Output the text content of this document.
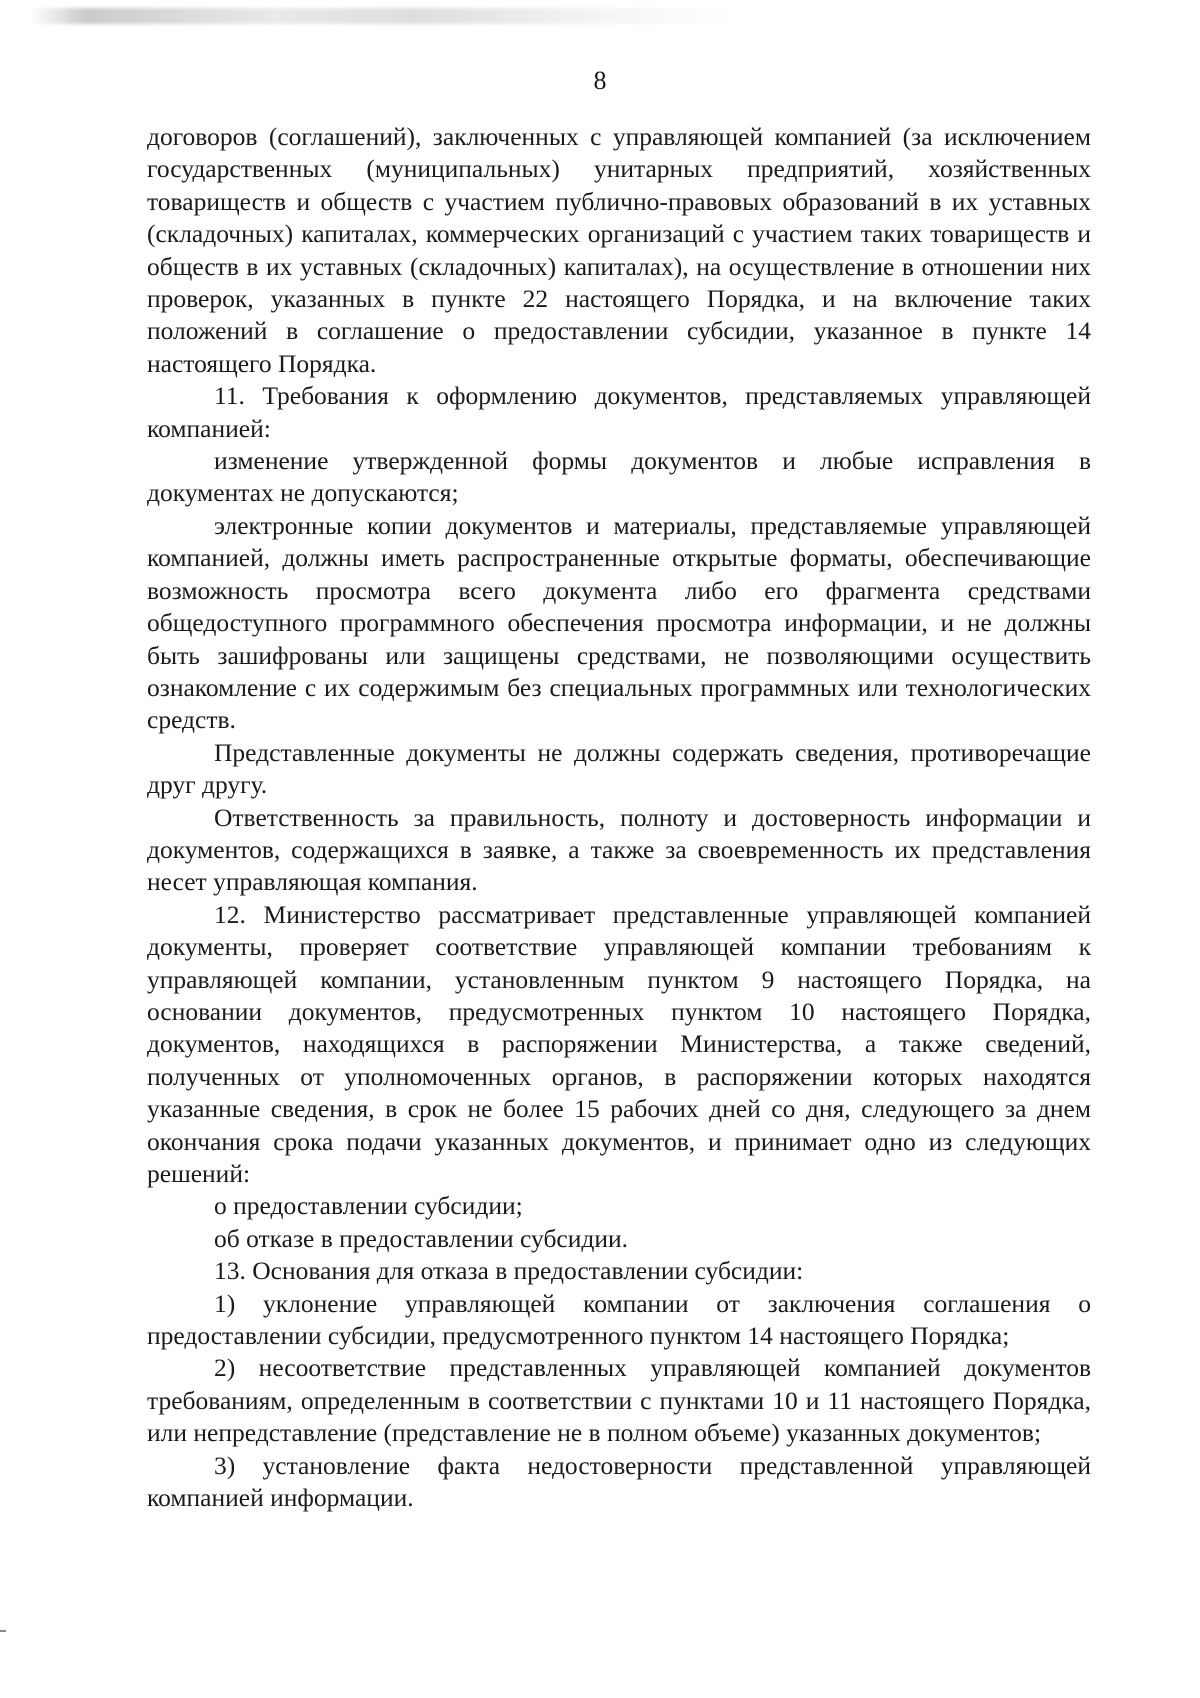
8

договоров (соглашений), заключенных с управляющей компанией (за исключением государственных (муниципальных) унитарных предприятий, хозяйственных товариществ и обществ с участием публично-правовых образований в их уставных (складочных) капиталах, коммерческих организаций с участием таких товариществ и обществ в их уставных (складочных) капиталах), на осуществление в отношении них проверок, указанных в пункте 22 настоящего Порядка, и на включение таких положений в соглашение о предоставлении субсидии, указанное в пункте 14 настоящего Порядка.

11. Требования к оформлению документов, представляемых управляющей компанией:

изменение утвержденной формы документов и любые исправления в документах не допускаются;

электронные копии документов и материалы, представляемые управляющей компанией, должны иметь распространенные открытые форматы, обеспечивающие возможность просмотра всего документа либо его фрагмента средствами общедоступного программного обеспечения просмотра информации, и не должны быть зашифрованы или защищены средствами, не позволяющими осуществить ознакомление с их содержимым без специальных программных или технологических средств.

Представленные документы не должны содержать сведения, противоречащие друг другу.

Ответственность за правильность, полноту и достоверность информации и документов, содержащихся в заявке, а также за своевременность их представления несет управляющая компания.

12. Министерство рассматривает представленные управляющей компанией документы, проверяет соответствие управляющей компании требованиям к управляющей компании, установленным пунктом 9 настоящего Порядка, на основании документов, предусмотренных пунктом 10 настоящего Порядка, документов, находящихся в распоряжении Министерства, а также сведений, полученных от уполномоченных органов, в распоряжении которых находятся указанные сведения, в срок не более 15 рабочих дней со дня, следующего за днем окончания срока подачи указанных документов, и принимает одно из следующих решений:

о предоставлении субсидии;

об отказе в предоставлении субсидии.

13. Основания для отказа в предоставлении субсидии:

1) уклонение управляющей компании от заключения соглашения о предоставлении субсидии, предусмотренного пунктом 14 настоящего Порядка;

2) несоответствие представленных управляющей компанией документов требованиям, определенным в соответствии с пунктами 10 и 11 настоящего Порядка, или непредставление (представление не в полном объеме) указанных документов;

3) установление факта недостоверности представленной управляющей компанией информации.
